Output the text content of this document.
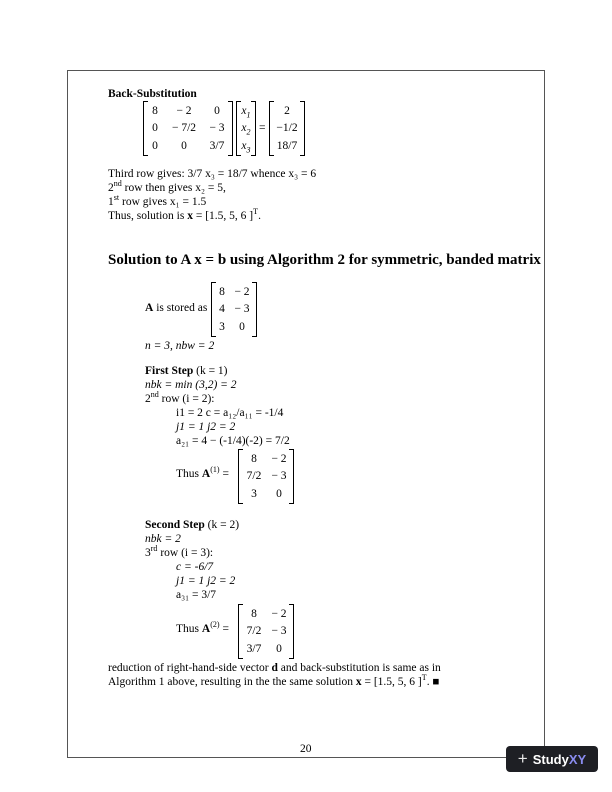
Back-Substitution
8	− 2	0
0	− 7/2	− 3
0	0	3/7
$x_1$
$x_2$
$x_3$
=
2
−1/2
18/7
Third row gives: 3/7 x₃ = 18/7 whence x₃ = 6
2nd row then gives x₂ = 5,
1st row gives x₁ = 1.5
Thus, solution is x = [1.5, 5, 6 ]$^T$.
Solution to A x = b using Algorithm 2 for symmetric, banded matrix
A is stored as
8 − 2
4 − 3
3	0
n = 3, nbw = 2
First Step (k = 1)
nbk = min (3,2) = 2
2nd row (i = 2):
i1 = 2 c = a₁₂/a₁₁ = -1/4
j1 = 1 j2 = 2
a₂₁ = 4 − (-1/4)(-2) = 7/2
Thus $A^{(1)}$ =
8	− 2
7/2 − 3
3	0
Second Step (k = 2)
nbk = 2
3rd row (i = 3):
c = -6/7
j1 = 1 j2 = 2
a₃₁ = 3/7
Thus $A^{(2)}$ =
8	− 2
7/2 − 3
3/7	0
reduction of right-hand-side vector d and back-substitution is same as in
Algorithm 1 above, resulting in the the same solution x = [1.5, 5, 6 ]$^T$. ■
20	+ Study XY
